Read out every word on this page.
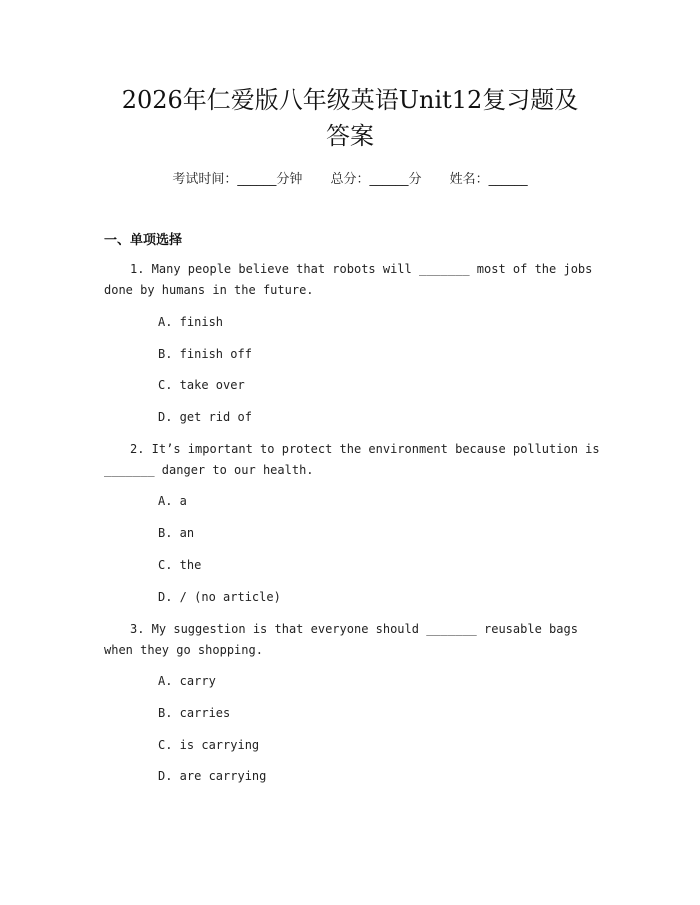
2026年仁爱版八年级英语Unit12复习题及
答案
考试时间：______分钟 总分：______分 姓名：______
一、单项选择
1. Many people believe that robots will _______ most of the jobs done by humans in the future.
A. finish
B. finish off
C. take over
D. get rid of
2. It’s important to protect the environment because pollution is _______ danger to our health.
A. a
B. an
C. the
D. / (no article)
3. My suggestion is that everyone should _______ reusable bags when they go shopping.
A. carry
B. carries
C. is carrying
D. are carrying
